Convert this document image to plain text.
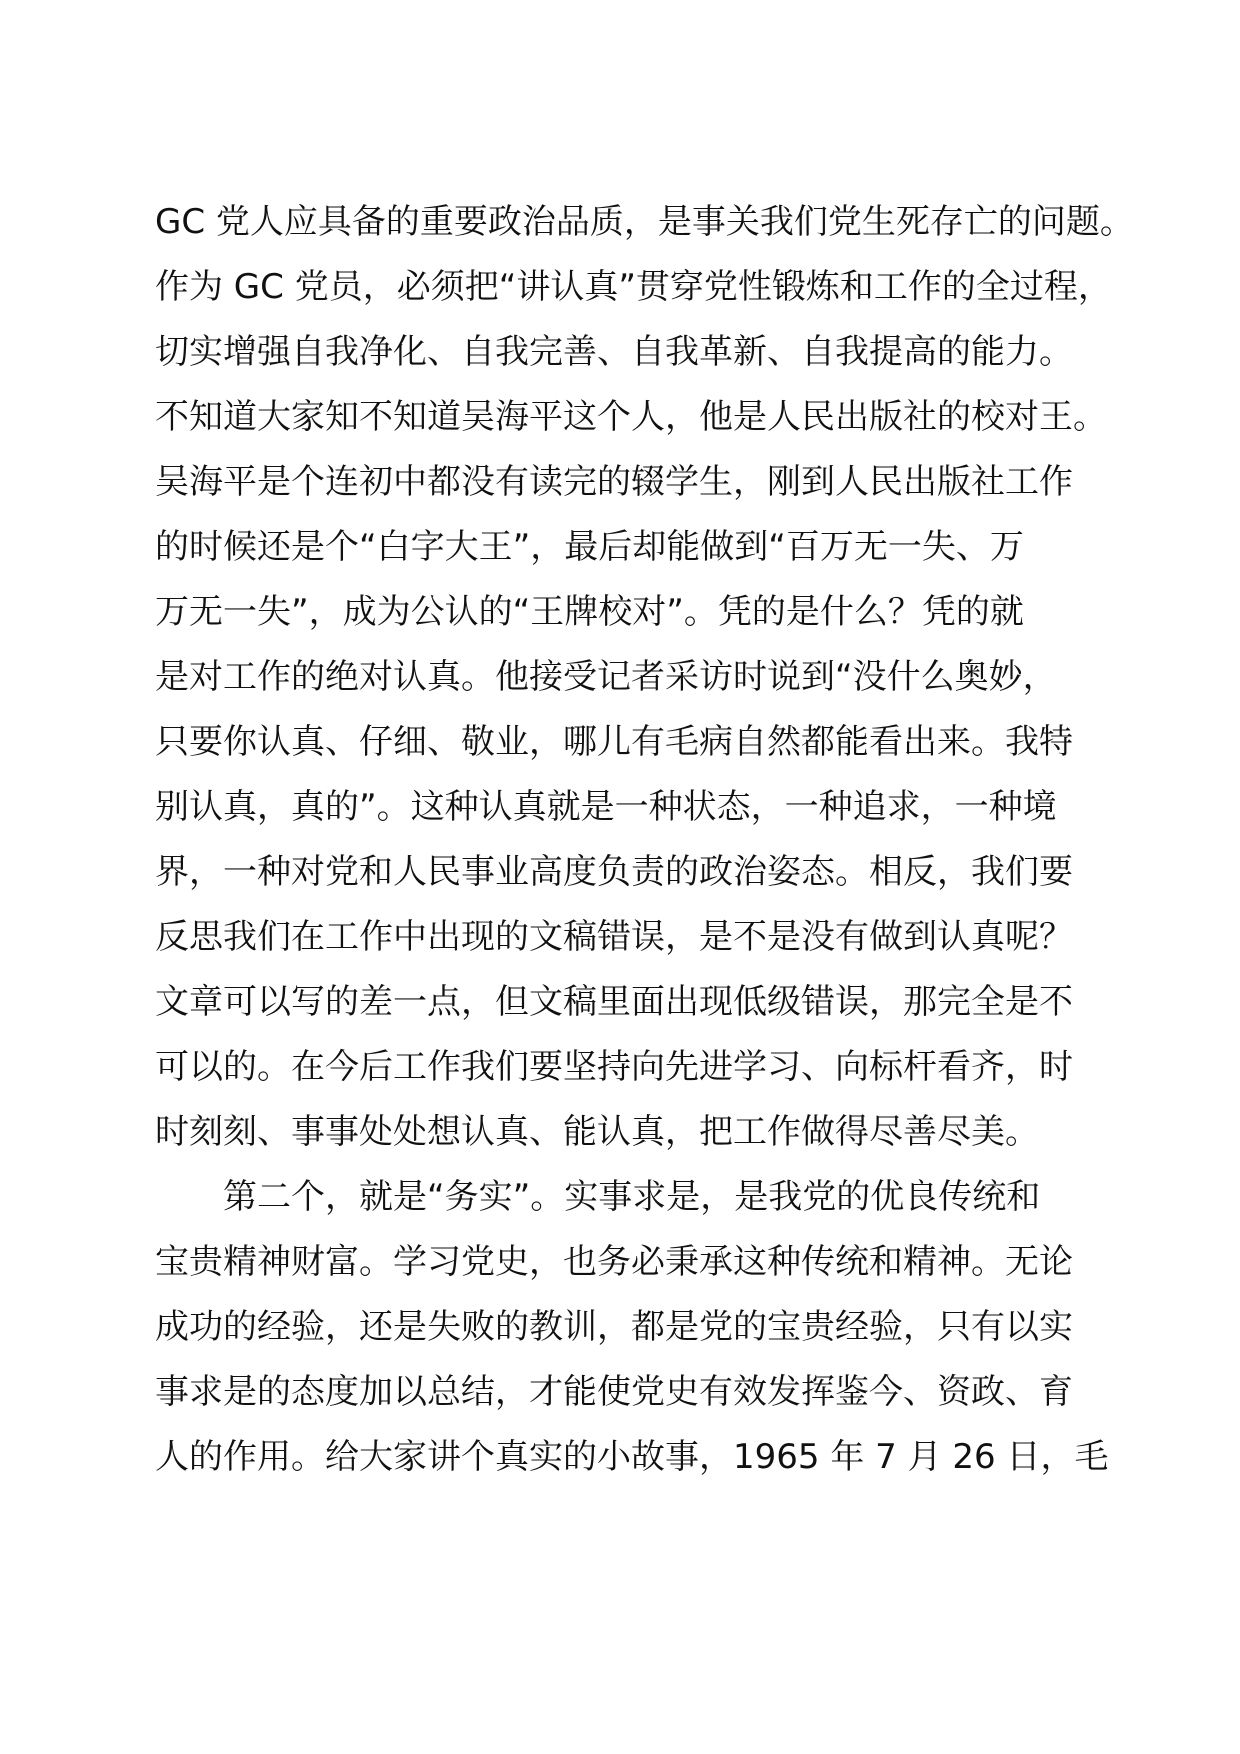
GC 党人应具备的重要政治品质，是事关我们党生死存亡的问题。
作为 GC 党员，必须把“讲认真”贯穿党性锻炼和工作的全过程，
切实增强自我净化、自我完善、自我革新、自我提高的能力。
不知道大家知不知道吴海平这个人，他是人民出版社的校对王。
吴海平是个连初中都没有读完的辍学生，刚到人民出版社工作
的时候还是个“白字大王”，最后却能做到“百万无一失、万
万无一失”，成为公认的“王牌校对”。凭的是什么？凭的就
是对工作的绝对认真。他接受记者采访时说到“没什么奥妙，
只要你认真、仔细、敬业，哪儿有毛病自然都能看出来。我特
别认真，真的”。这种认真就是一种状态，一种追求，一种境
界，一种对党和人民事业高度负责的政治姿态。相反，我们要
反思我们在工作中出现的文稿错误，是不是没有做到认真呢？
文章可以写的差一点，但文稿里面出现低级错误，那完全是不
可以的。在今后工作我们要坚持向先进学习、向标杆看齐，时
时刻刻、事事处处想认真、能认真，把工作做得尽善尽美。
第二个，就是“务实”。实事求是，是我党的优良传统和
宝贵精神财富。学习党史，也务必秉承这种传统和精神。无论
成功的经验，还是失败的教训，都是党的宝贵经验，只有以实
事求是的态度加以总结，才能使党史有效发挥鉴今、资政、育
人的作用。给大家讲个真实的小故事，1965 年 7 月 26 日，毛
